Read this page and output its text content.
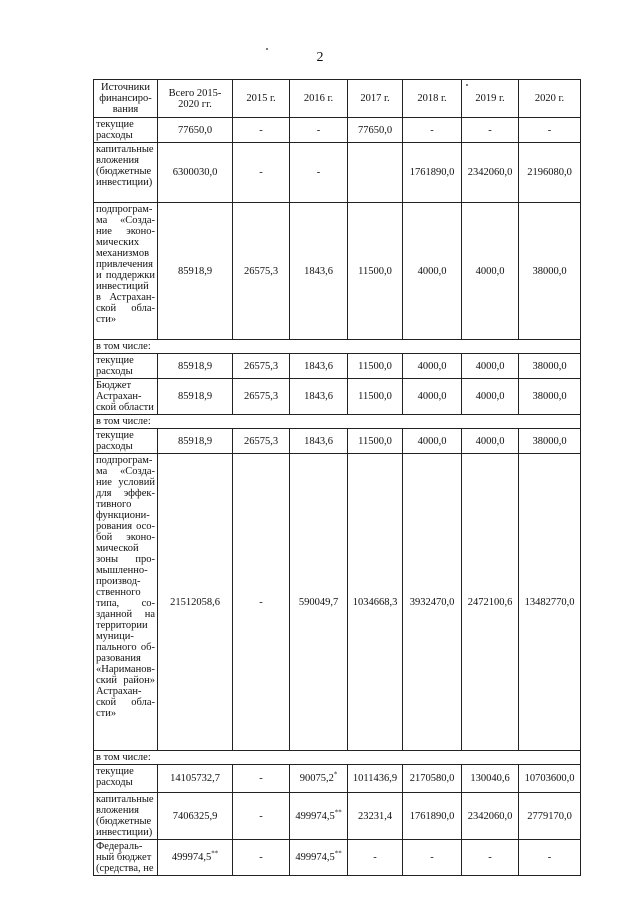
2
Источники финансиро-вания	Всего 2015-2020 гг.	2015 г.	2016 г.	2017 г.	2018 г.	2019 г.	2020 г.
текущие расходы	77650,0	-	-	77650,0	-	-	-
капитальные вложения (бюджетные инвестиции)	6300030,0	-	-		1761890,0	2342060,0	2196080,0
подпрограм-ма «Созда-ние эконо-мических механизмов привлечения и поддержки инвестиций в Астрахан-ской обла-сти»	85918,9	26575,3	1843,6	11500,0	4000,0	4000,0	38000,0
в том числе:							
текущие расходы	85918,9	26575,3	1843,6	11500,0	4000,0	4000,0	38000,0
Бюджет Астрахан-ской области	85918,9	26575,3	1843,6	11500,0	4000,0	4000,0	38000,0
в том числе:							
текущие расходы	85918,9	26575,3	1843,6	11500,0	4000,0	4000,0	38000,0
подпрограм-ма «Созда-ние условий для эффек-тивного функциони-рования осо-бой эконо-мической зоны про-мышленно-производ-ственного типа, со-зданной на территории муници-пального об-разования «Нариманов-ский район» Астрахан-ской обла-сти»	21512058,6	-	590049,7	1034668,3	3932470,0	2472100,6	13482770,0
в том числе:							
текущие расходы	14105732,7	-	90075,2*	1011436,9	2170580,0	130040,6	10703600,0
капитальные вложения (бюджетные инвестиции)	7406325,9	-	499974,5**	23231,4	1761890,0	2342060,0	2779170,0
Федераль-ный бюджет (средства, не	499974,5**	-	499974,5**	-	-	-	-
